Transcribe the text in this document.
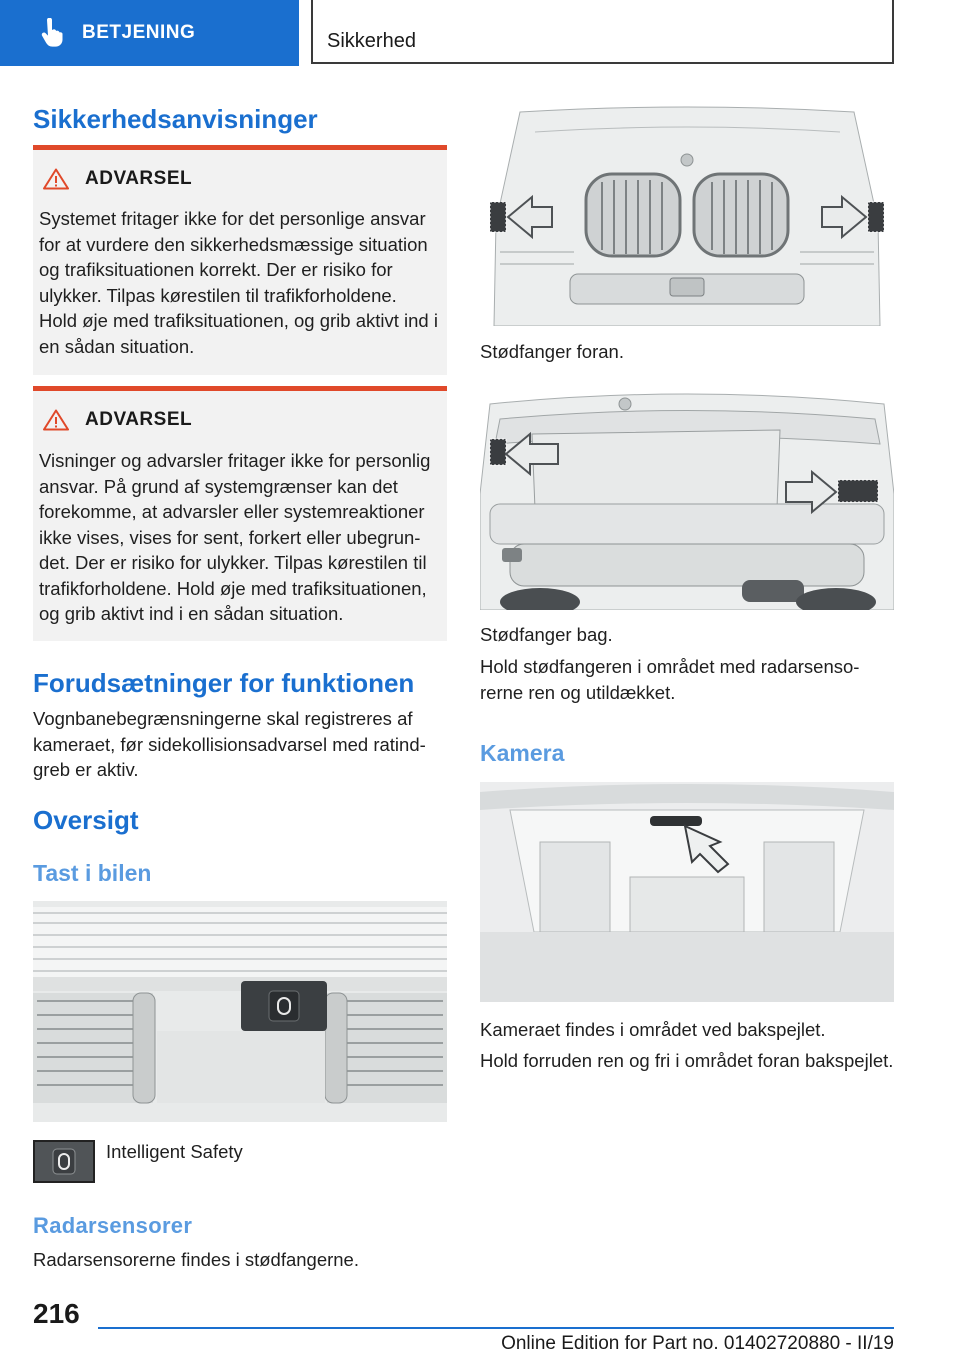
BETJENING	Sikkerhed
Sikkerhedsanvisninger
ADVARSEL
Systemet fritager ikke for det personlige ansvar for at vurdere den sikkerhedsmæssige situation og trafiksituationen korrekt. Der er risiko for ulykker. Tilpas kørestilen til trafikforholdene. Hold øje med trafiksituationen, og grib aktivt ind i en sådan situation.
ADVARSEL
Visninger og advarsler fritager ikke for personlig ansvar. På grund af systemgrænser kan det forekomme, at advarsler eller systemreaktioner ikke vises, vises for sent, forkert eller ubegrundet. Der er risiko for ulykker. Tilpas kørestilen til trafikforholdene. Hold øje med trafiksituationen, og grib aktivt ind i en sådan situation.
Forudsætninger for funktionen
Vognbanebegrænsningerne skal registreres af kameraet, før sidekollisionsadvarsel med ratindgreb er aktiv.
Oversigt
Tast i bilen
Intelligent Safety
Radarsensorer
Radarsensorerne findes i stødfangerne.
Stødfanger foran.
Stødfanger bag.
Hold stødfangeren i området med radarsensorerne ren og utildækket.
Kamera
Kameraet findes i området ved bakspejlet.
Hold forruden ren og fri i området foran bakspejlet.
216
Online Edition for Part no. 01402720880 - II/19
